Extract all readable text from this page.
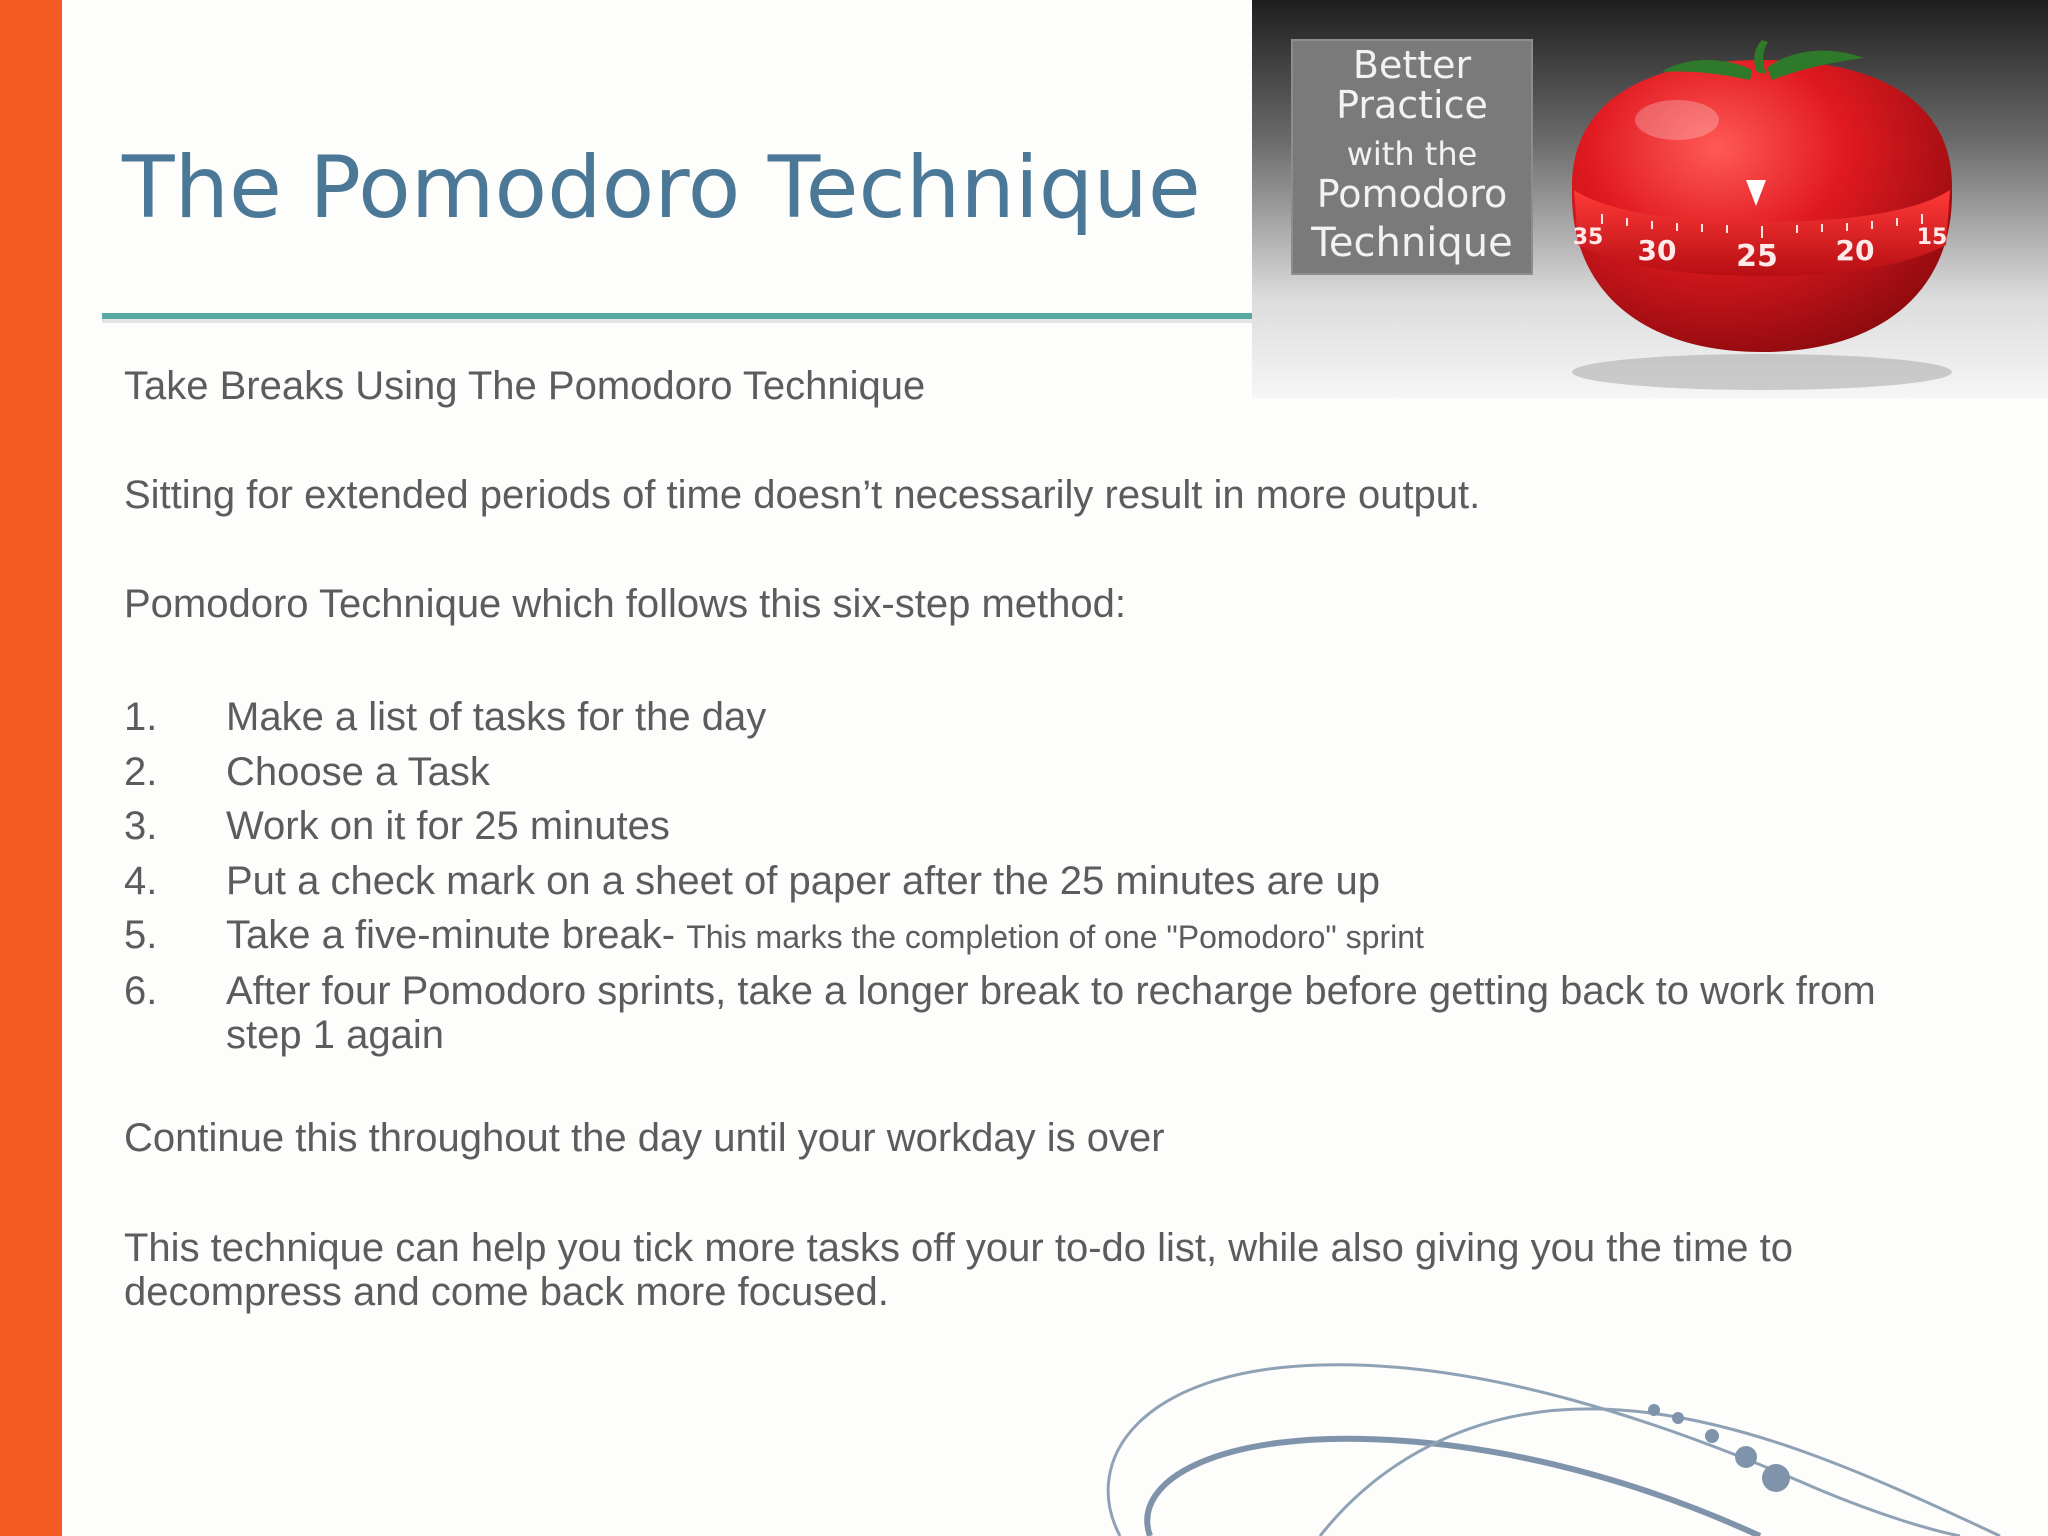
The Pomodoro Technique
Better
Practice
with the
Pomodoro
Technique	35 30 25 20 15

Take Breaks Using The Pomodoro Technique

Sitting for extended periods of time doesn’t necessarily result in more output.

Pomodoro Technique which follows this six-step method:

1. Make a list of tasks for the day
2. Choose a Task
3. Work on it for 25 minutes
4. Put a check mark on a sheet of paper after the 25 minutes are up
5. Take a five-minute break- This marks the completion of one "Pomodoro" sprint
6. After four Pomodoro sprints, take a longer break to recharge before getting back to work from step 1 again

Continue this throughout the day until your workday is over

This technique can help you tick more tasks off your to-do list, while also giving you the time to decompress and come back more focused.
